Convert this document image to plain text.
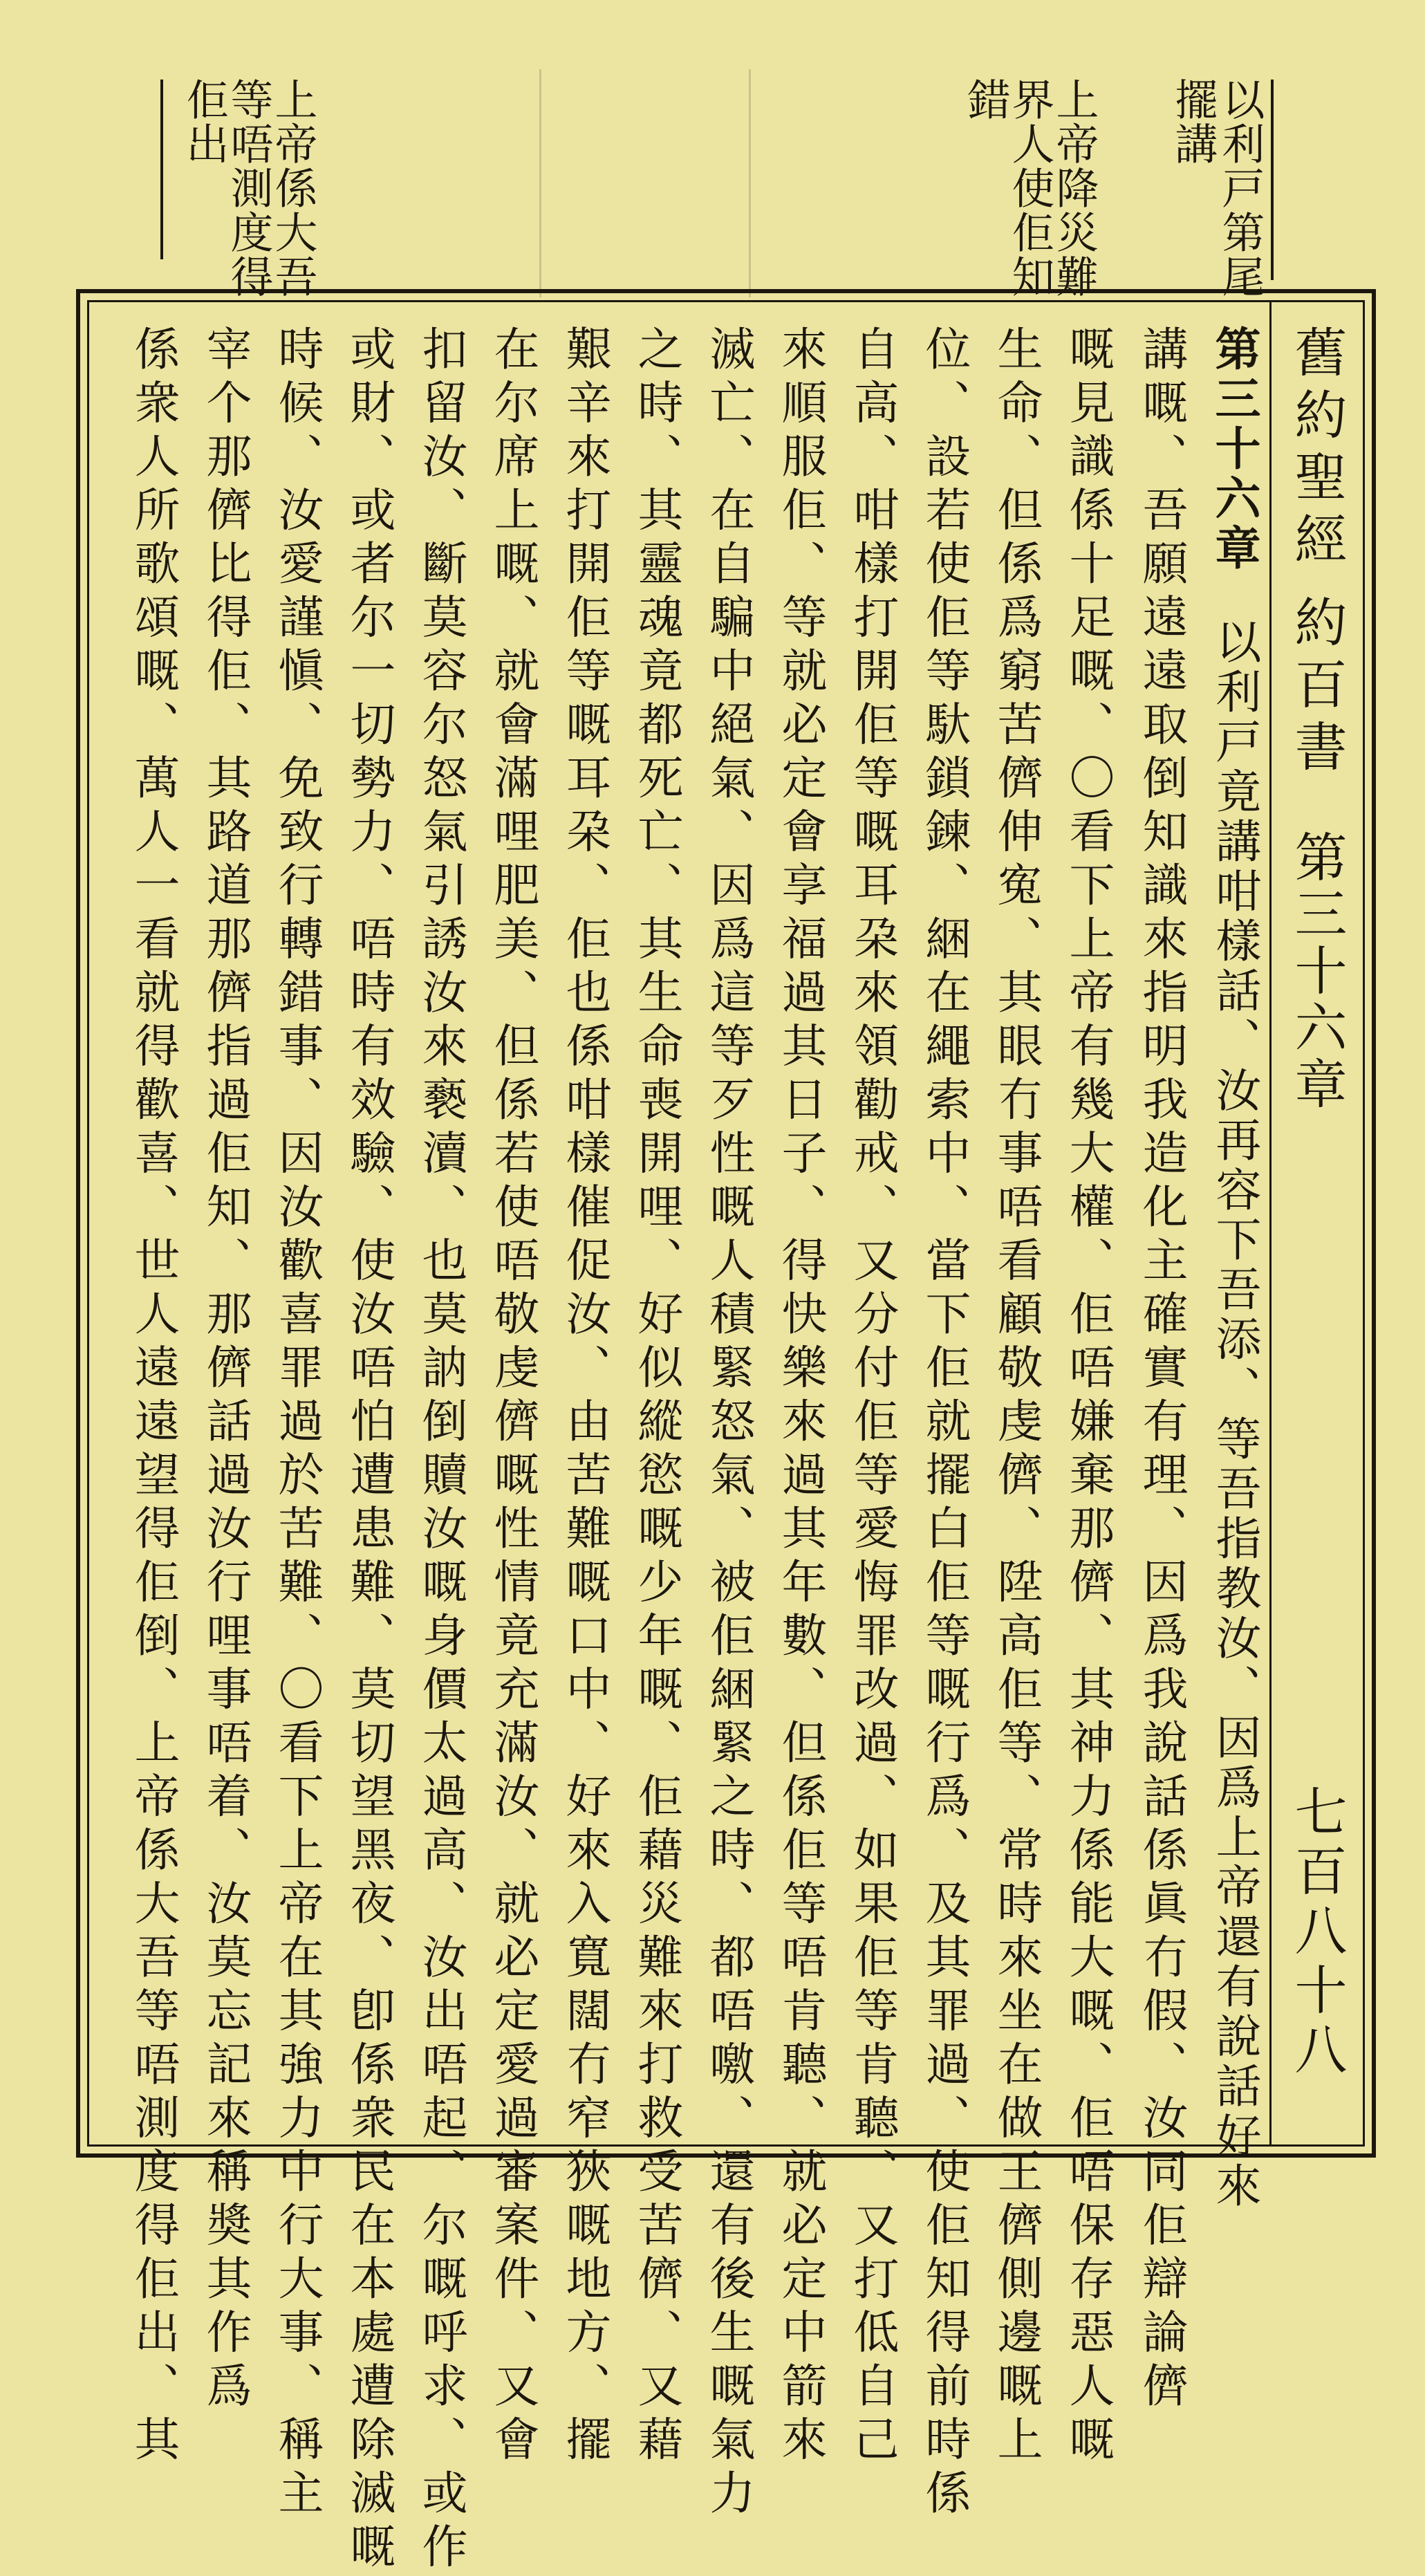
以利戸第尾
擺講
上帝降災難
界人使佢知
錯
上帝係大吾
等唔測度得
佢出
舊約聖經
約百書
第三十六章
七百八十八
第三十六章以利戸竟講咁樣話、汝再容下吾添、等吾指教汝、因爲上帝還有說話好來
講嘅、吾願遠遠取倒知識來指明我造化主確實有理、因爲我說話係眞冇假、汝同佢辯論儕
嘅見識係十足嘅、〇看下上帝有幾大權、佢唔嫌棄那儕、其神力係能大嘅、佢唔保存惡人嘅
生命、但係爲窮苦儕伸寃、其眼冇事唔看顧敬虔儕、陞高佢等、常時來坐在做王儕側邊嘅上
位、設若使佢等馱鎖鍊、綑在繩索中、當下佢就擺白佢等嘅行爲、及其罪過、使佢知得前時係
自高、咁樣打開佢等嘅耳朶來領勸戒、又分付佢等愛悔罪改過、如果佢等肯聽、又打低自己
來順服佢、等就必定會享福過其日子、得快樂來過其年數、但係佢等唔肯聽、就必定中箭來
滅亡、在自騙中絕氣、因爲這等歹性嘅人積緊怒氣、被佢綑緊之時、都唔噭、還有後生嘅氣力
之時、其靈魂竟都死亡、其生命喪開哩、好似縱慾嘅少年嘅、佢藉災難來打救受苦儕、又藉
艱辛來打開佢等嘅耳朶、佢也係咁樣催促汝、由苦難嘅口中、好來入寬闊冇窄狹嘅地方、擺
在尔席上嘅、就會滿哩肥美、但係若使唔敬虔儕嘅性情竟充滿汝、就必定愛過審案件、又會
扣留汝、斷莫容尔怒氣引誘汝來褻瀆、也莫訥倒贖汝嘅身價太過高、汝出唔起、尔嘅呼求、或作
或財、或者尔一切勢力、唔時有效驗、使汝唔怕遭患難、莫切望黑夜、卽係衆民在本處遭除滅嘅
時候、汝愛謹愼、免致行轉錯事、因汝歡喜罪過於苦難、〇看下上帝在其強力中行大事、稱主
宰个那儕比得佢、其路道那儕指過佢知、那儕話過汝行哩事唔着、汝莫忘記來稱奬其作爲
係衆人所歌頌嘅、萬人一看就得歡喜、世人遠遠望得佢倒、上帝係大吾等唔測度得佢出、其
